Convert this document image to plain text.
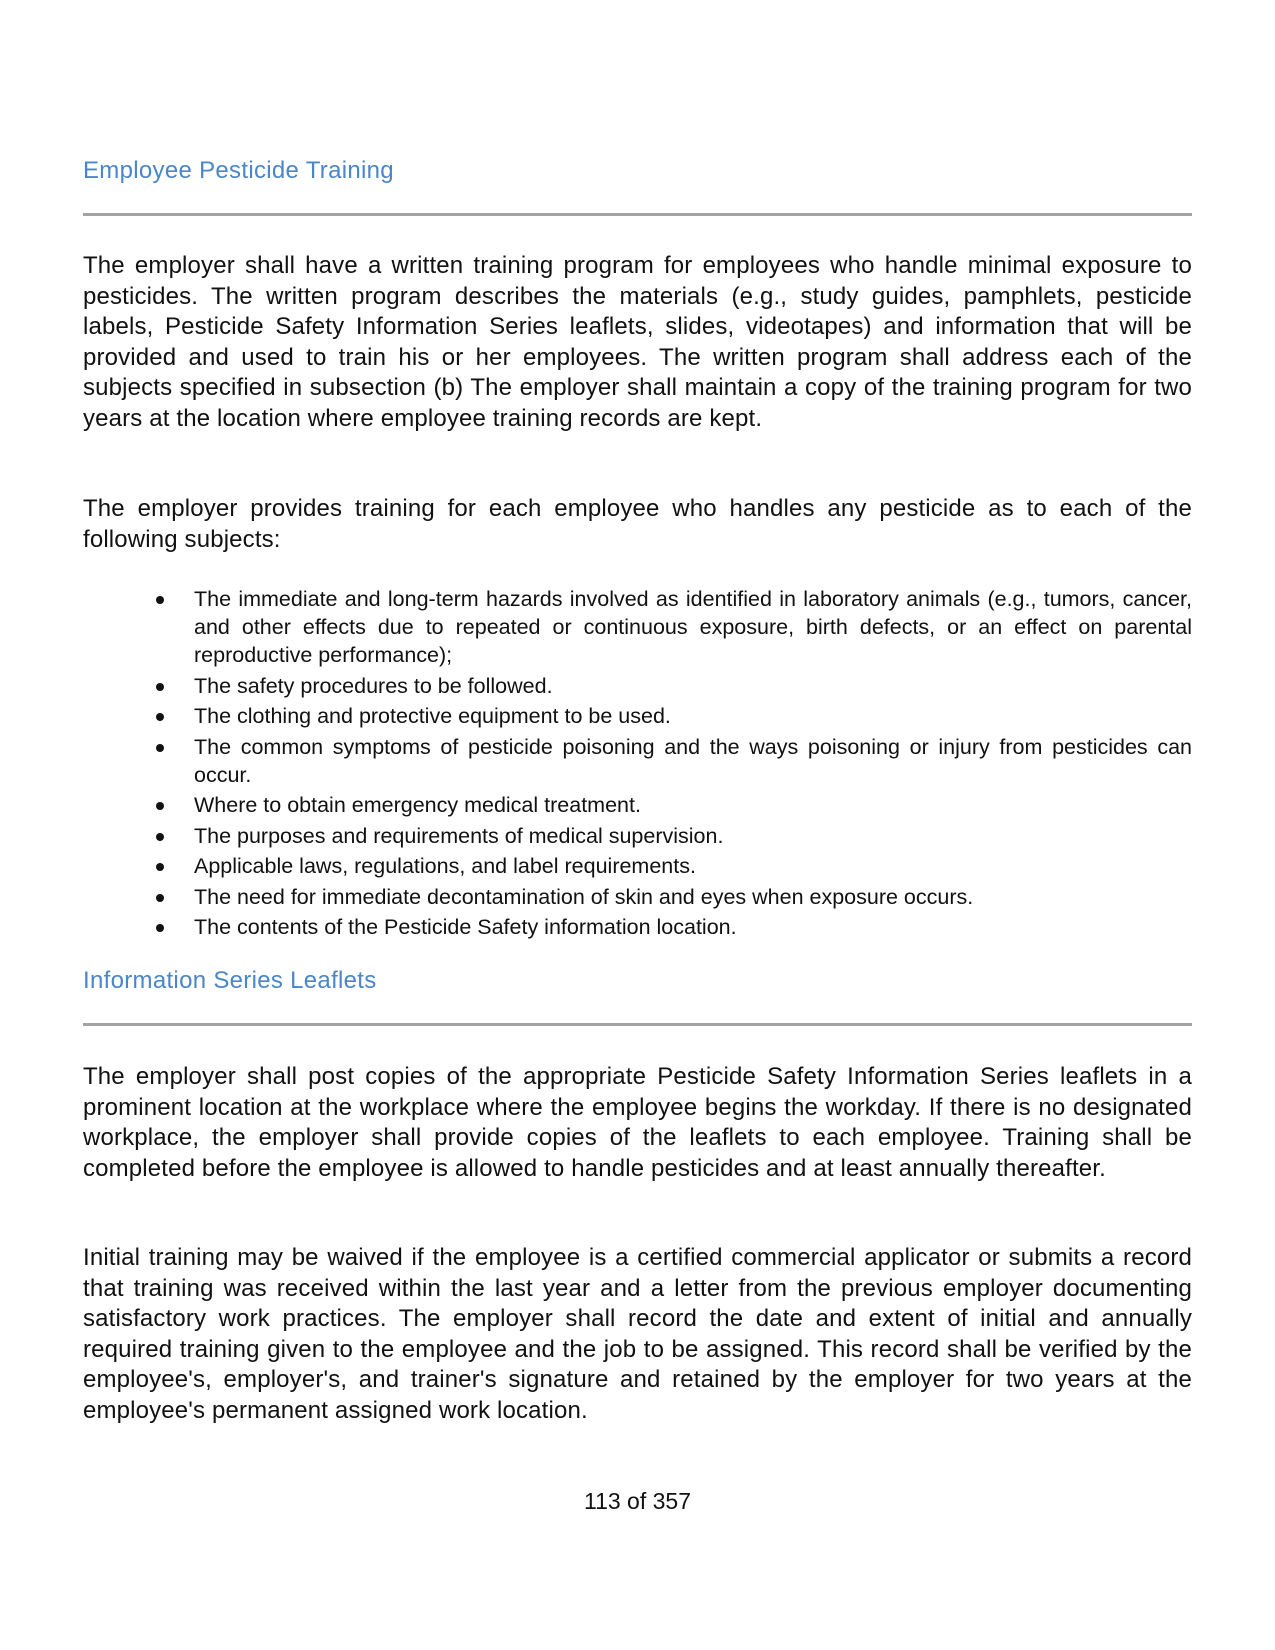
Employee Pesticide Training

The employer shall have a written training program for employees who handle minimal exposure to pesticides. The written program describes the materials (e.g., study guides, pamphlets, pesticide labels, Pesticide Safety Information Series leaflets, slides, videotapes) and information that will be provided and used to train his or her employees. The written program shall address each of the subjects specified in subsection (b) The employer shall maintain a copy of the training program for two years at the location where employee training records are kept.

The employer provides training for each employee who handles any pesticide as to each of the following subjects:

The immediate and long-term hazards involved as identified in laboratory animals (e.g., tumors, cancer, and other effects due to repeated or continuous exposure, birth defects, or an effect on parental reproductive performance);
The safety procedures to be followed.
The clothing and protective equipment to be used.
The common symptoms of pesticide poisoning and the ways poisoning or injury from pesticides can occur.
Where to obtain emergency medical treatment.
The purposes and requirements of medical supervision.
Applicable laws, regulations, and label requirements.
The need for immediate decontamination of skin and eyes when exposure occurs.
The contents of the Pesticide Safety information location.
Information Series Leaflets

The employer shall post copies of the appropriate Pesticide Safety Information Series leaflets in a prominent location at the workplace where the employee begins the workday. If there is no designated workplace, the employer shall provide copies of the leaflets to each employee. Training shall be completed before the employee is allowed to handle pesticides and at least annually thereafter.

Initial training may be waived if the employee is a certified commercial applicator or submits a record that training was received within the last year and a letter from the previous employer documenting satisfactory work practices. The employer shall record the date and extent of initial and annually required training given to the employee and the job to be assigned. This record shall be verified by the employee's, employer's, and trainer's signature and retained by the employer for two years at the employee's permanent assigned work location.

113 of 357
